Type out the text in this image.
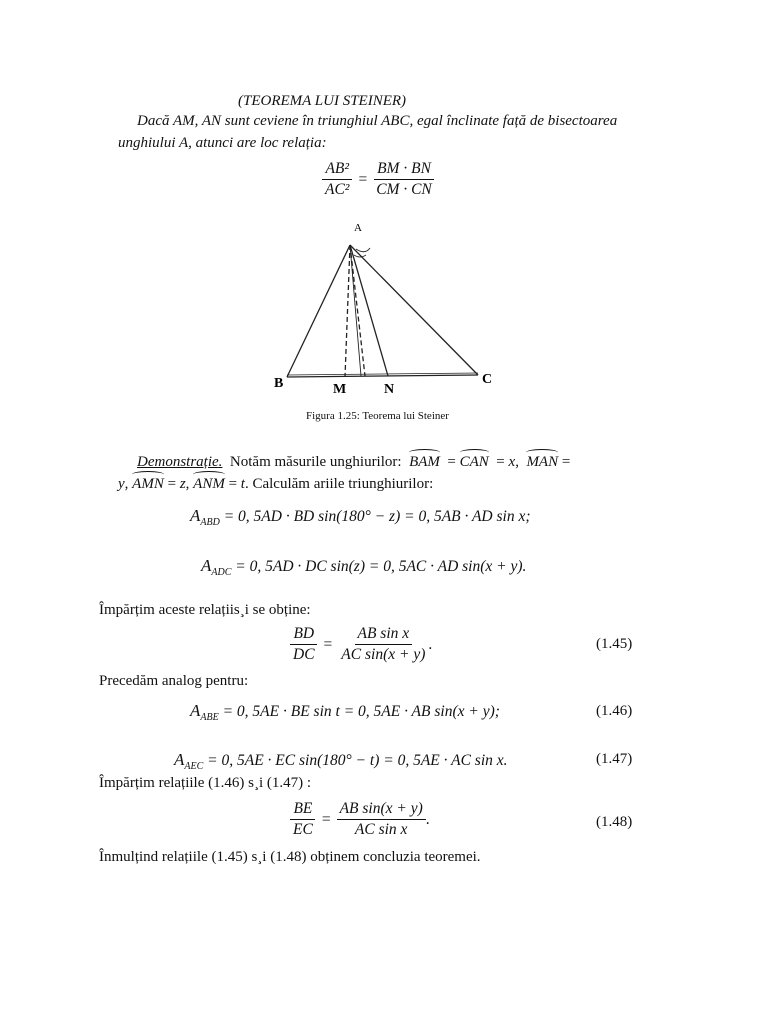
(TEOREMA LUI STEINER)
Dacă AM, AN sunt ceviene în triunghiul ABC, egal înclinate față de bisectoarea
unghiului A, atunci are loc relația:
$\frac{\text{AB²}}{\text{AC²}} = \frac{BM \cdot BN}{CM \cdot CN}$
A
B	C
M	N
Figura 1.25: Teorema lui Steiner
Demonstrație. Notăm măsurile unghiurilor: BAM  = CAN  = x,  MAN =
y, AMN = z, ANM = t. Calculăm ariile triunghiurilor:
$A_{ABD} = 0$, 5AD · BD sin(180° − z) = 0, 5AB · AD sin x;
$A_{ADC} = 0$, 5AD · DC sin(z) = 0, 5AC · AD sin(x + y).
Împărțim aceste relațiis¸i se obține:
$\frac{BD}{DC} = \frac{\text{AB sin x}}{\text{AC sin(x + y)}}$ .	(1.45)
Precedăm analog pentru:
$A_{ABE} = 0$, 5AE · BE sin t = 0, 5AE · AB sin(x + y);	(1.46)
$A_{AEC} = 0$, 5AE · EC sin(180° − t) = 0, 5AE · AC sin x.	(1.47)
Împărțim relațiile (1.46) s¸i (1.47) :
$\frac{BE}{EC} = \frac{\text{AB sin(x + y)}}{\text{AC sin x}}$ .	(1.48)
Înmulțind relațiile (1.45) s¸i (1.48) obținem concluzia teoremei.
